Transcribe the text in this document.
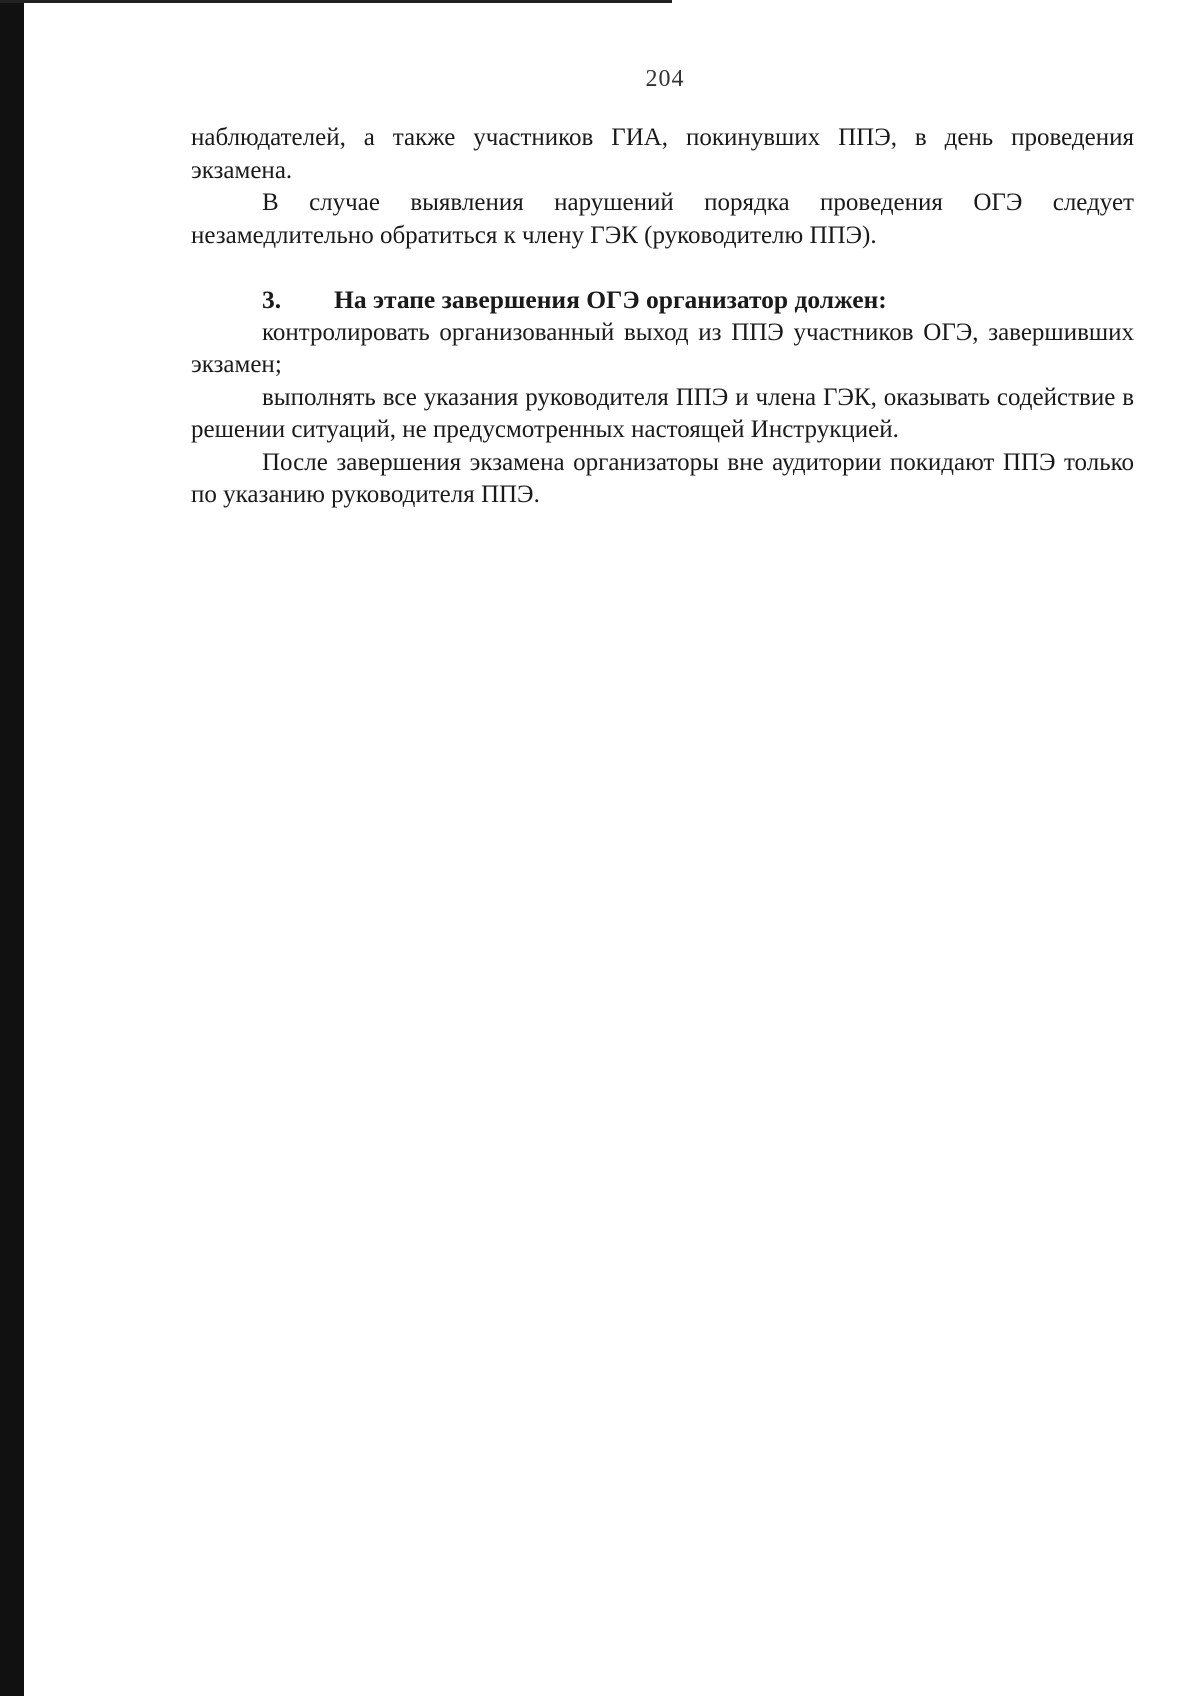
204

наблюдателей, а также участников ГИА, покинувших ППЭ, в день проведения экзамена.

В случае выявления нарушений порядка проведения ОГЭ следует незамедлительно обратиться к члену ГЭК (руководителю ППЭ).

3. На этапе завершения ОГЭ организатор должен:

контролировать организованный выход из ППЭ участников ОГЭ, завершивших экзамен;

выполнять все указания руководителя ППЭ и члена ГЭК, оказывать содействие в решении ситуаций, не предусмотренных настоящей Инструкцией.

После завершения экзамена организаторы вне аудитории покидают ППЭ только по указанию руководителя ППЭ.
